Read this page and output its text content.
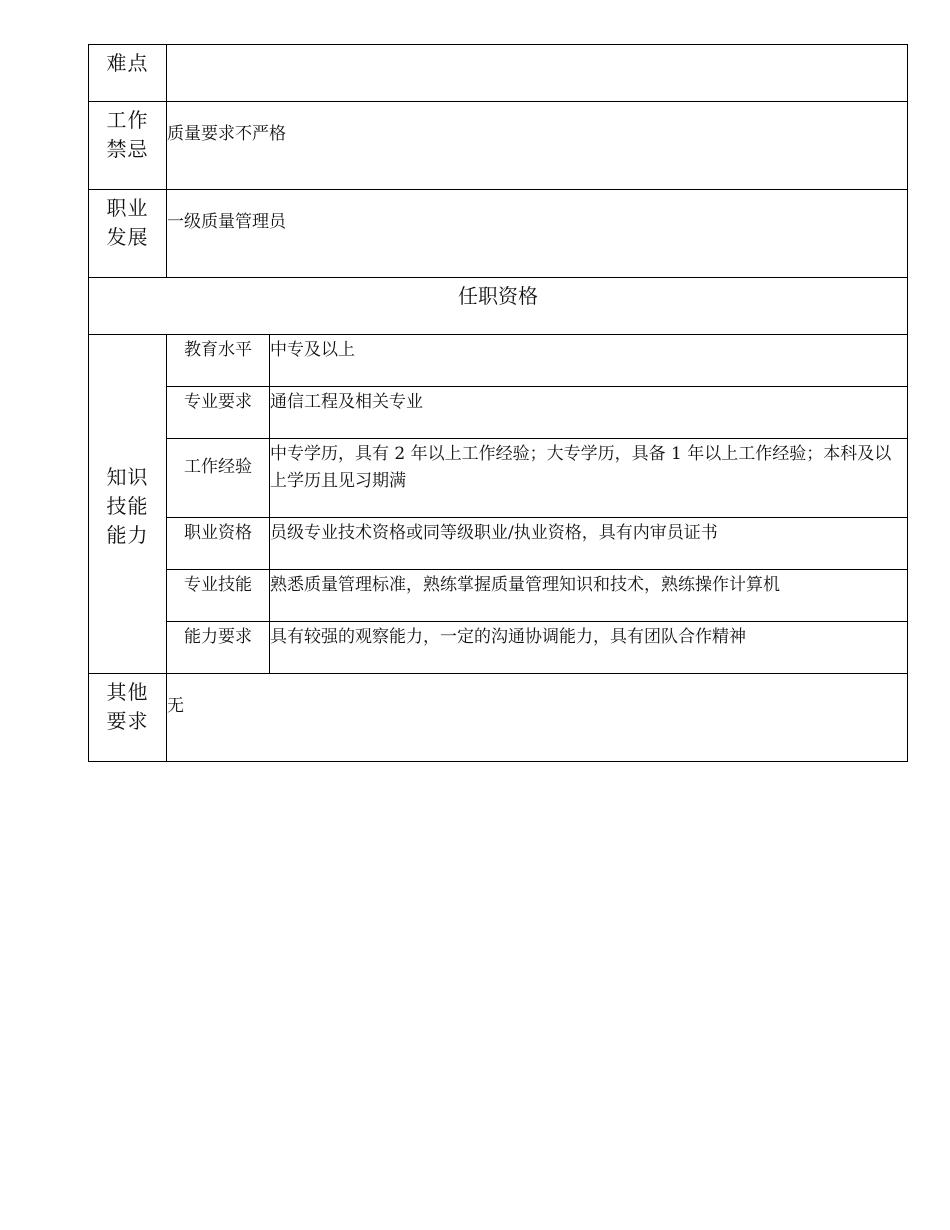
难点		

工作
禁忌	质量要求不严格	

职业
发展	一级质量管理员	
任职资格		

知识
技能
能力	教育水平	中专及以上
	专业要求	通信工程及相关专业
	工作经验	中专学历，具有 2 年以上工作经验；大专学历，具备 1 年以上工作经验；本科及以上学历且见习期满
	职业资格	员级专业技术资格或同等级职业/执业资格，具有内审员证书
	专业技能	熟悉质量管理标准，熟练掌握质量管理知识和技术，熟练操作计算机
	能力要求	具有较强的观察能力，一定的沟通协调能力，具有团队合作精神

其他
要求	无	
